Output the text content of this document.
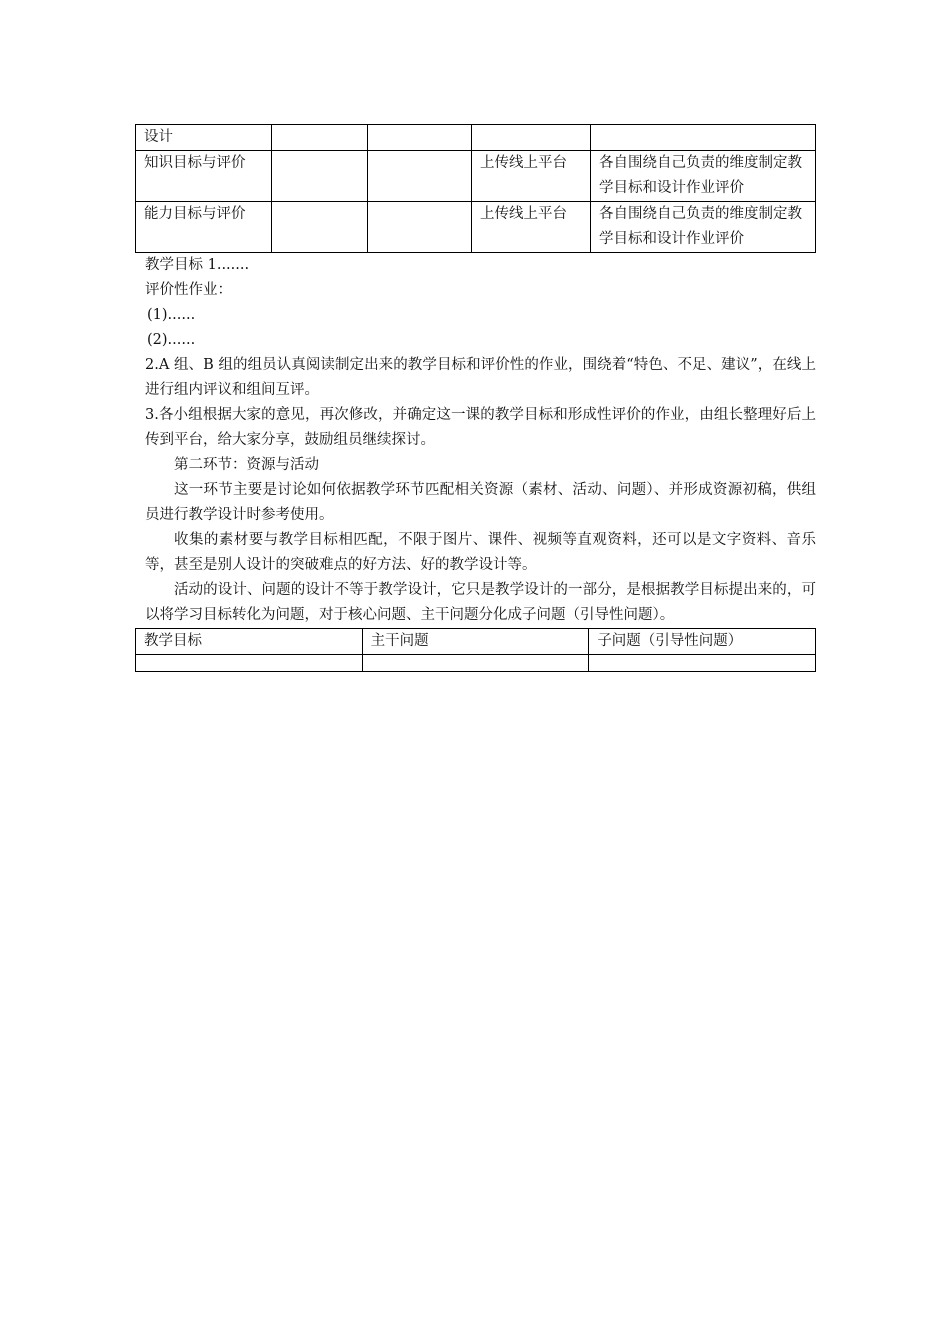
设计				
知识目标与评价			上传线上平台	各自围绕自己负责的维度制定教学目标和设计作业评价
能力目标与评价			上传线上平台	各自围绕自己负责的维度制定教学目标和设计作业评价

教学目标 1.......

评价性作业：

(1)......

(2)......

2.A 组、B 组的组员认真阅读制定出来的教学目标和评价性的作业，围绕着“特色、不足、建议”，在线上进行组内评议和组间互评。

3.各小组根据大家的意见，再次修改，并确定这一课的教学目标和形成性评价的作业，由组长整理好后上传到平台，给大家分享，鼓励组员继续探讨。

第二环节：资源与活动

这一环节主要是讨论如何依据教学环节匹配相关资源（素材、活动、问题）、并形成资源初稿，供组员进行教学设计时参考使用。

收集的素材要与教学目标相匹配，不限于图片、课件、视频等直观资料，还可以是文字资料、音乐等，甚至是别人设计的突破难点的好方法、好的教学设计等。

活动的设计、问题的设计不等于教学设计，它只是教学设计的一部分，是根据教学目标提出来的，可以将学习目标转化为问题，对于核心问题、主干问题分化成子问题（引导性问题）。

教学目标	主干问题	子问题（引导性问题）
